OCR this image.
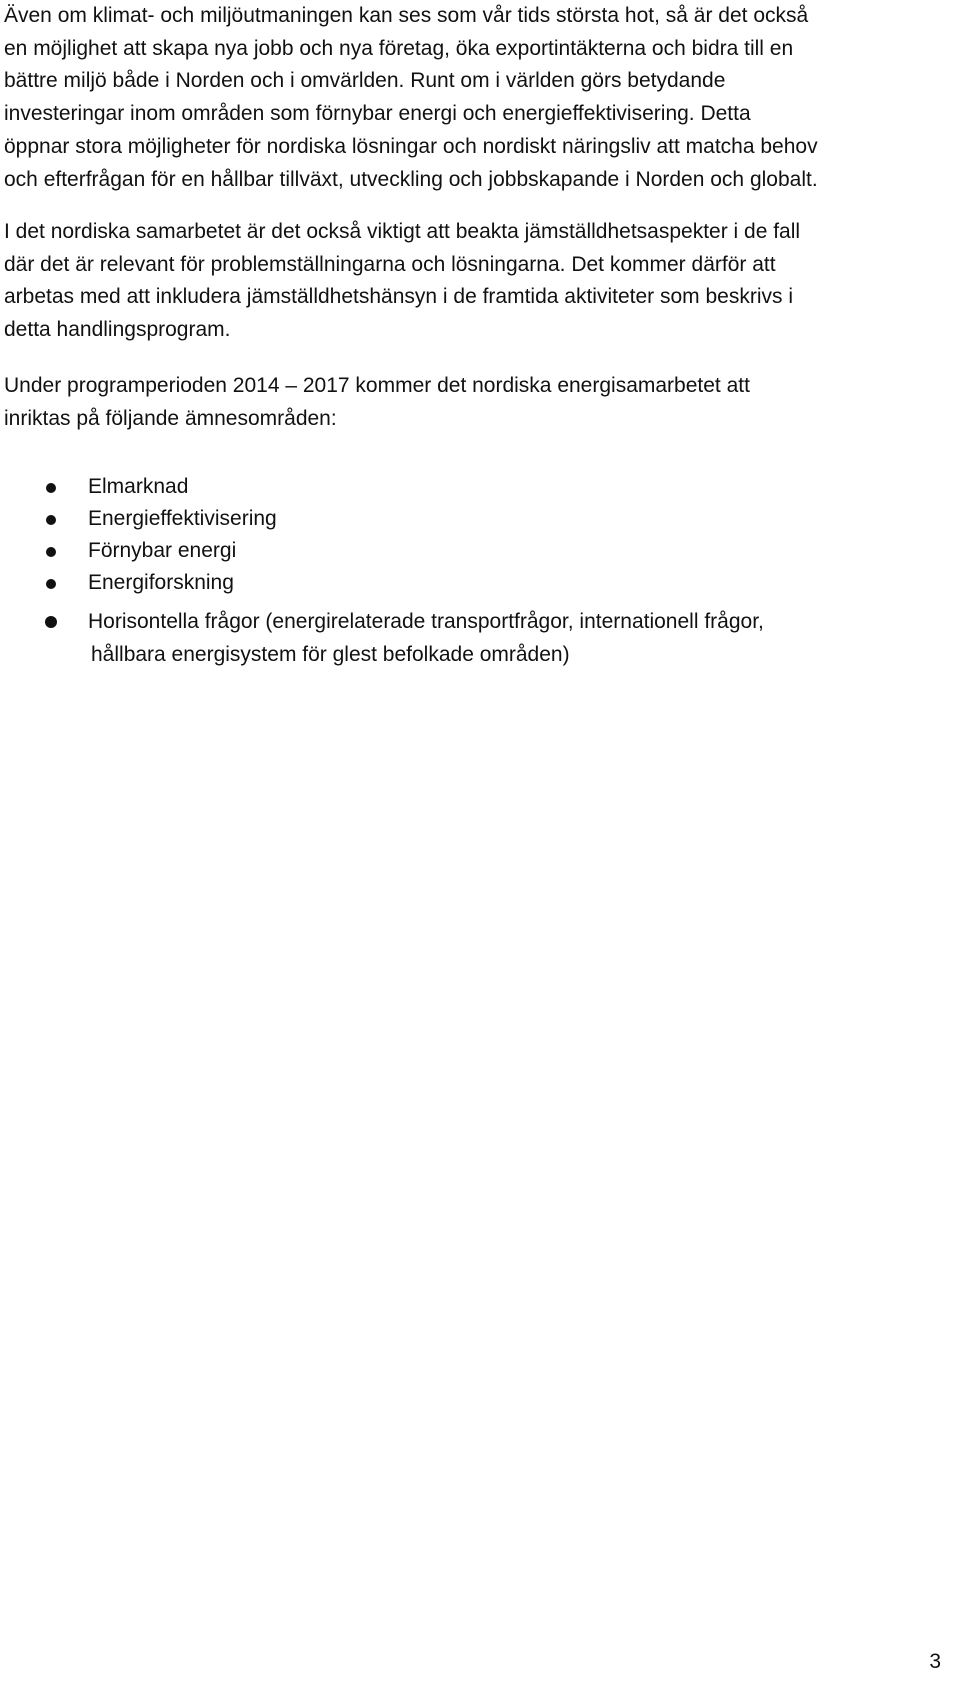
Även om klimat- och miljöutmaningen kan ses som vår tids största hot, så är det också
en möjlighet att skapa nya jobb och nya företag, öka exportintäkterna och bidra till en
bättre miljö både i Norden och i omvärlden. Runt om i världen görs betydande
investeringar inom områden som förnybar energi och energieffektivisering. Detta
öppnar stora möjligheter för nordiska lösningar och nordiskt näringsliv att matcha behov
och efterfrågan för en hållbar tillväxt, utveckling och jobbskapande i Norden och globalt.

I det nordiska samarbetet är det också viktigt att beakta jämställdhetsaspekter i de fall
där det är relevant för problemställningarna och lösningarna. Det kommer därför att
arbetas med att inkludera jämställdhetshänsyn i de framtida aktiviteter som beskrivs i
detta handlingsprogram.

Under programperioden 2014 – 2017 kommer det nordiska energisamarbetet att
inriktas på följande ämnesområden:

Elmarknad
Energieffektivisering
Förnybar energi
Energiforskning
Horisontella frågor (energirelaterade transportfrågor, internationell frågor,
hållbara energisystem för glest befolkade områden)
3
